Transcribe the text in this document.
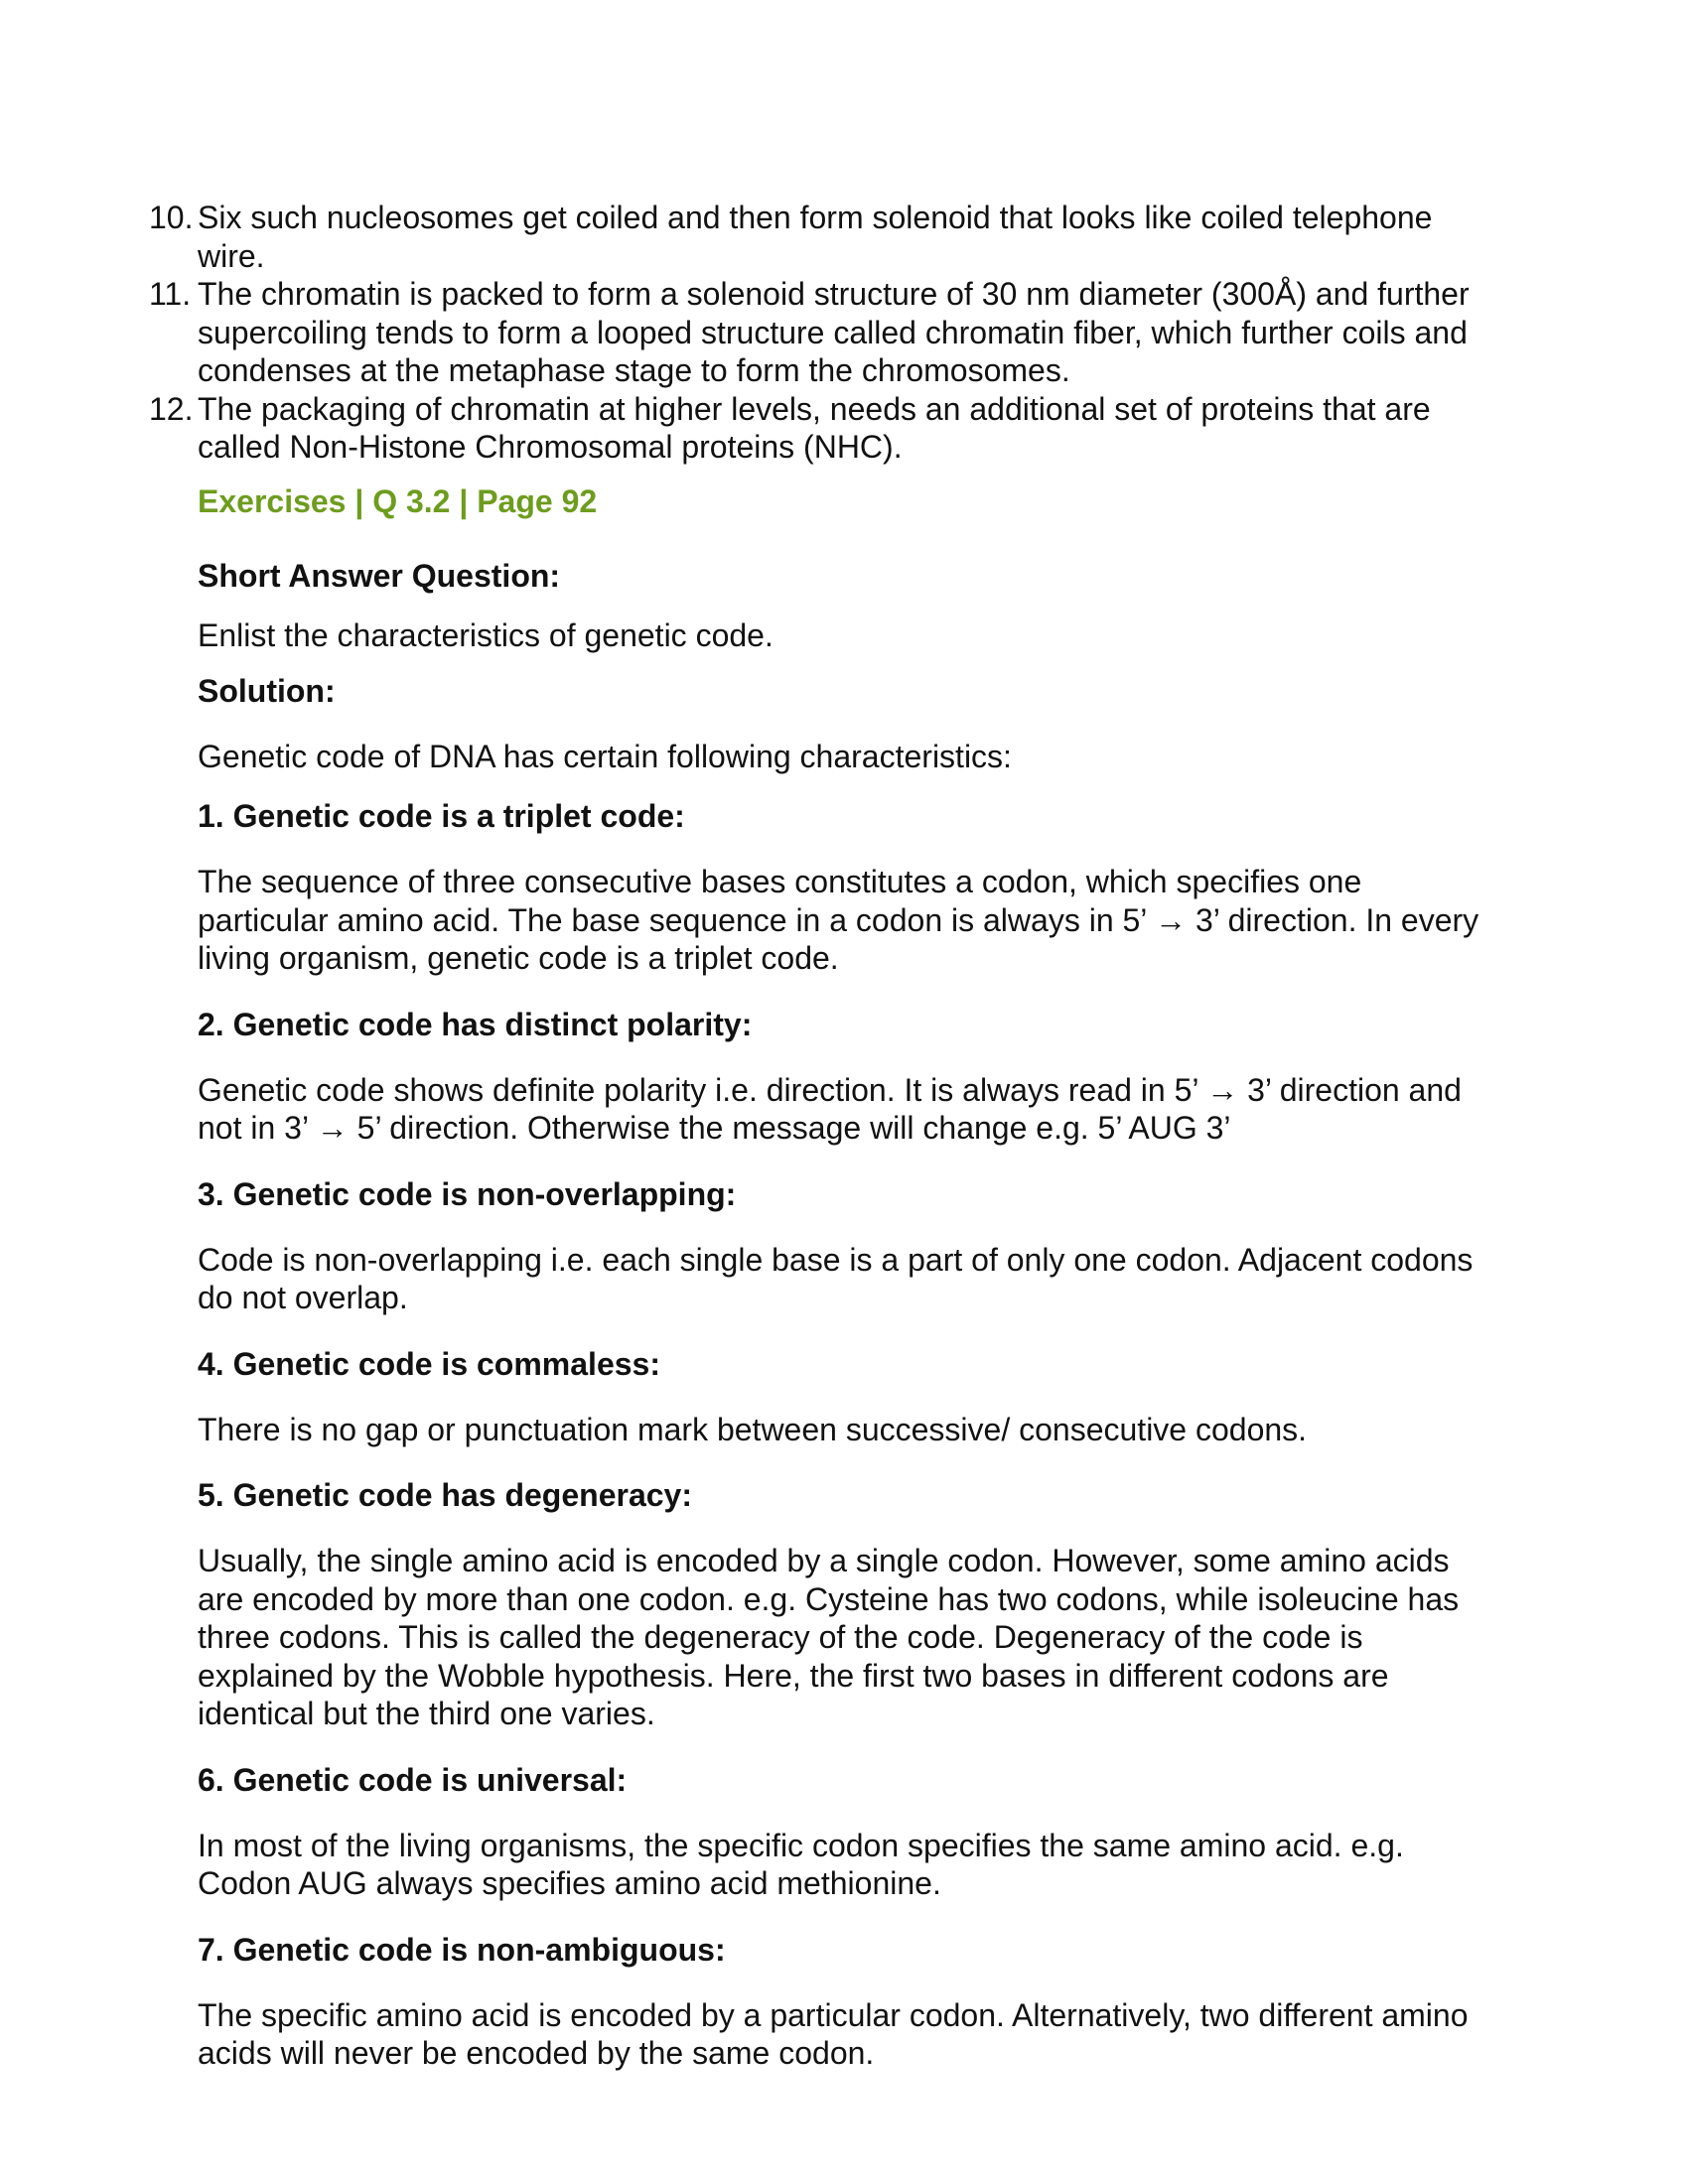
10. Six such nucleosomes get coiled and then form solenoid that looks like coiled telephone wire.
11. The chromatin is packed to form a solenoid structure of 30 nm diameter (300Å) and further supercoiling tends to form a looped structure called chromatin fiber, which further coils and condenses at the metaphase stage to form the chromosomes.
12. The packaging of chromatin at higher levels, needs an additional set of proteins that are called Non-Histone Chromosomal proteins (NHC).
Exercises | Q 3.2 | Page 92

Short Answer Question:

Enlist the characteristics of genetic code.

Solution:

Genetic code of DNA has certain following characteristics:

1. Genetic code is a triplet code:

The sequence of three consecutive bases constitutes a codon, which specifies one particular amino acid. The base sequence in a codon is always in 5’ → 3’ direction. In every living organism, genetic code is a triplet code.

2. Genetic code has distinct polarity:

Genetic code shows definite polarity i.e. direction. It is always read in 5’ → 3’ direction and not in 3’ → 5’ direction. Otherwise the message will change e.g. 5’ AUG 3’

3. Genetic code is non-overlapping:

Code is non-overlapping i.e. each single base is a part of only one codon. Adjacent codons do not overlap.

4. Genetic code is commaless:

There is no gap or punctuation mark between successive/ consecutive codons.

5. Genetic code has degeneracy:

Usually, the single amino acid is encoded by a single codon. However, some amino acids are encoded by more than one codon. e.g. Cysteine has two codons, while isoleucine has three codons. This is called the degeneracy of the code. Degeneracy of the code is explained by the Wobble hypothesis. Here, the first two bases in different codons are identical but the third one varies.

6. Genetic code is universal:

In most of the living organisms, the specific codon specifies the same amino acid. e.g. Codon AUG always specifies amino acid methionine.

7. Genetic code is non-ambiguous:

The specific amino acid is encoded by a particular codon. Alternatively, two different amino acids will never be encoded by the same codon.
